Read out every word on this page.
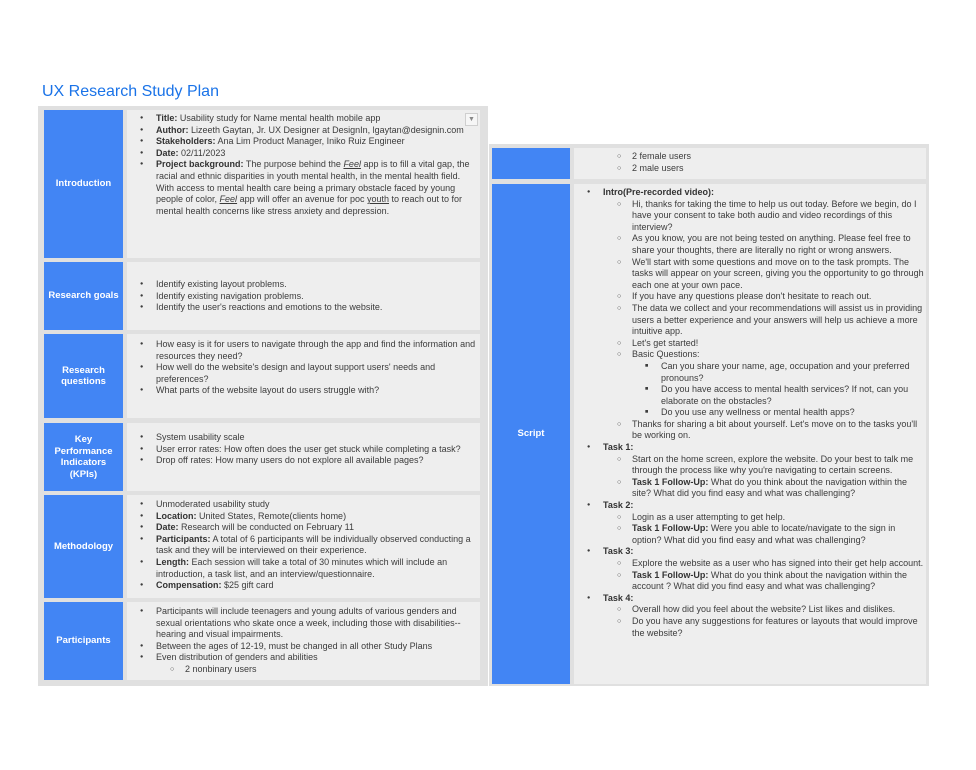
UX Research Study Plan
Introduction
▼
● Title: Usability study for Name mental health mobile app
● Author: Lizeeth Gaytan, Jr. UX Designer at DesignIn, lgaytan@designin.com
● Stakeholders: Ana Lim Product Manager, Iniko Ruiz Engineer
● Date: 02/11/2023
● Project background: The purpose behind the Feel app is to fill a vital gap, the racial and ethnic disparities in youth mental health, in the mental health field. With access to mental health care being a primary obstacle faced by young people of color, Feel app will offer an avenue for poc youth to reach out to for mental health concerns like stress anxiety and depression.
Research goals
● Identify existing layout problems.
● Identify existing navigation problems.
● Identify the user's reactions and emotions to the website.
Research questions
● How easy is it for users to navigate through the app and find the information and resources they need?
● How well do the website's design and layout support users' needs and preferences?
● What parts of the website layout do users struggle with?
Key Performance Indicators (KPIs)
● System usability scale
● User error rates: How often does the user get stuck while completing a task?
● Drop off rates: How many users do not explore all available pages?
Methodology
● Unmoderated usability study
● Location: United States, Remote(clients home)
● Date: Research will be conducted on February 11
● Participants: A total of 6 participants will be individually observed conducting a task and they will be interviewed on their experience.
● Length: Each session will take a total of 30 minutes which will include an introduction, a task list, and an interview/questionnaire.
● Compensation: $25 gift card
Participants
● Participants will include teenagers and young adults of various genders and sexual orientations who skate once a week, including those with disabilities--hearing and visual impairments.
● Between the ages of 12-19, must be changed in all other Study Plans
● Even distribution of genders and abilities
○ 2 nonbinary users
○ 2 female users
○ 2 male users
Script
● Intro(Pre-recorded video):
○ Hi, thanks for taking the time to help us out today. Before we begin, do I have your consent to take both audio and video recordings of this interview?
○ As you know, you are not being tested on anything. Please feel free to share your thoughts, there are literally no right or wrong answers.
○ We'll start with some questions and move on to the task prompts. The tasks will appear on your screen, giving you the opportunity to go through each one at your own pace.
○ If you have any questions please don't hesitate to reach out.
○ The data we collect and your recommendations will assist us in providing users a better experience and your answers will help us achieve a more intuitive app.
○ Let's get started!
○ Basic Questions:
■ Can you share your name, age, occupation and your preferred pronouns?
■ Do you have access to mental health services? If not, can you elaborate on the obstacles?
■ Do you use any wellness or mental health apps?
○ Thanks for sharing a bit about yourself. Let's move on to the tasks you'll be working on.
● Task 1:
○ Start on the home screen, explore the website. Do your best to talk me through the process like why you're navigating to certain screens.
○ Task 1 Follow-Up: What do you think about the navigation within the site? What did you find easy and what was challenging?
● Task 2:
○ Login as a user attempting to get help.
○ Task 1 Follow-Up: Were you able to locate/navigate to the sign in option? What did you find easy and what was challenging?
● Task 3:
○ Explore the website as a user who has signed into their get help account.
○ Task 1 Follow-Up: What do you think about the navigation within the account ? What did you find easy and what was challenging?
● Task 4:
○ Overall how did you feel about the website? List likes and dislikes.
○ Do you have any suggestions for features or layouts that would improve the website?
